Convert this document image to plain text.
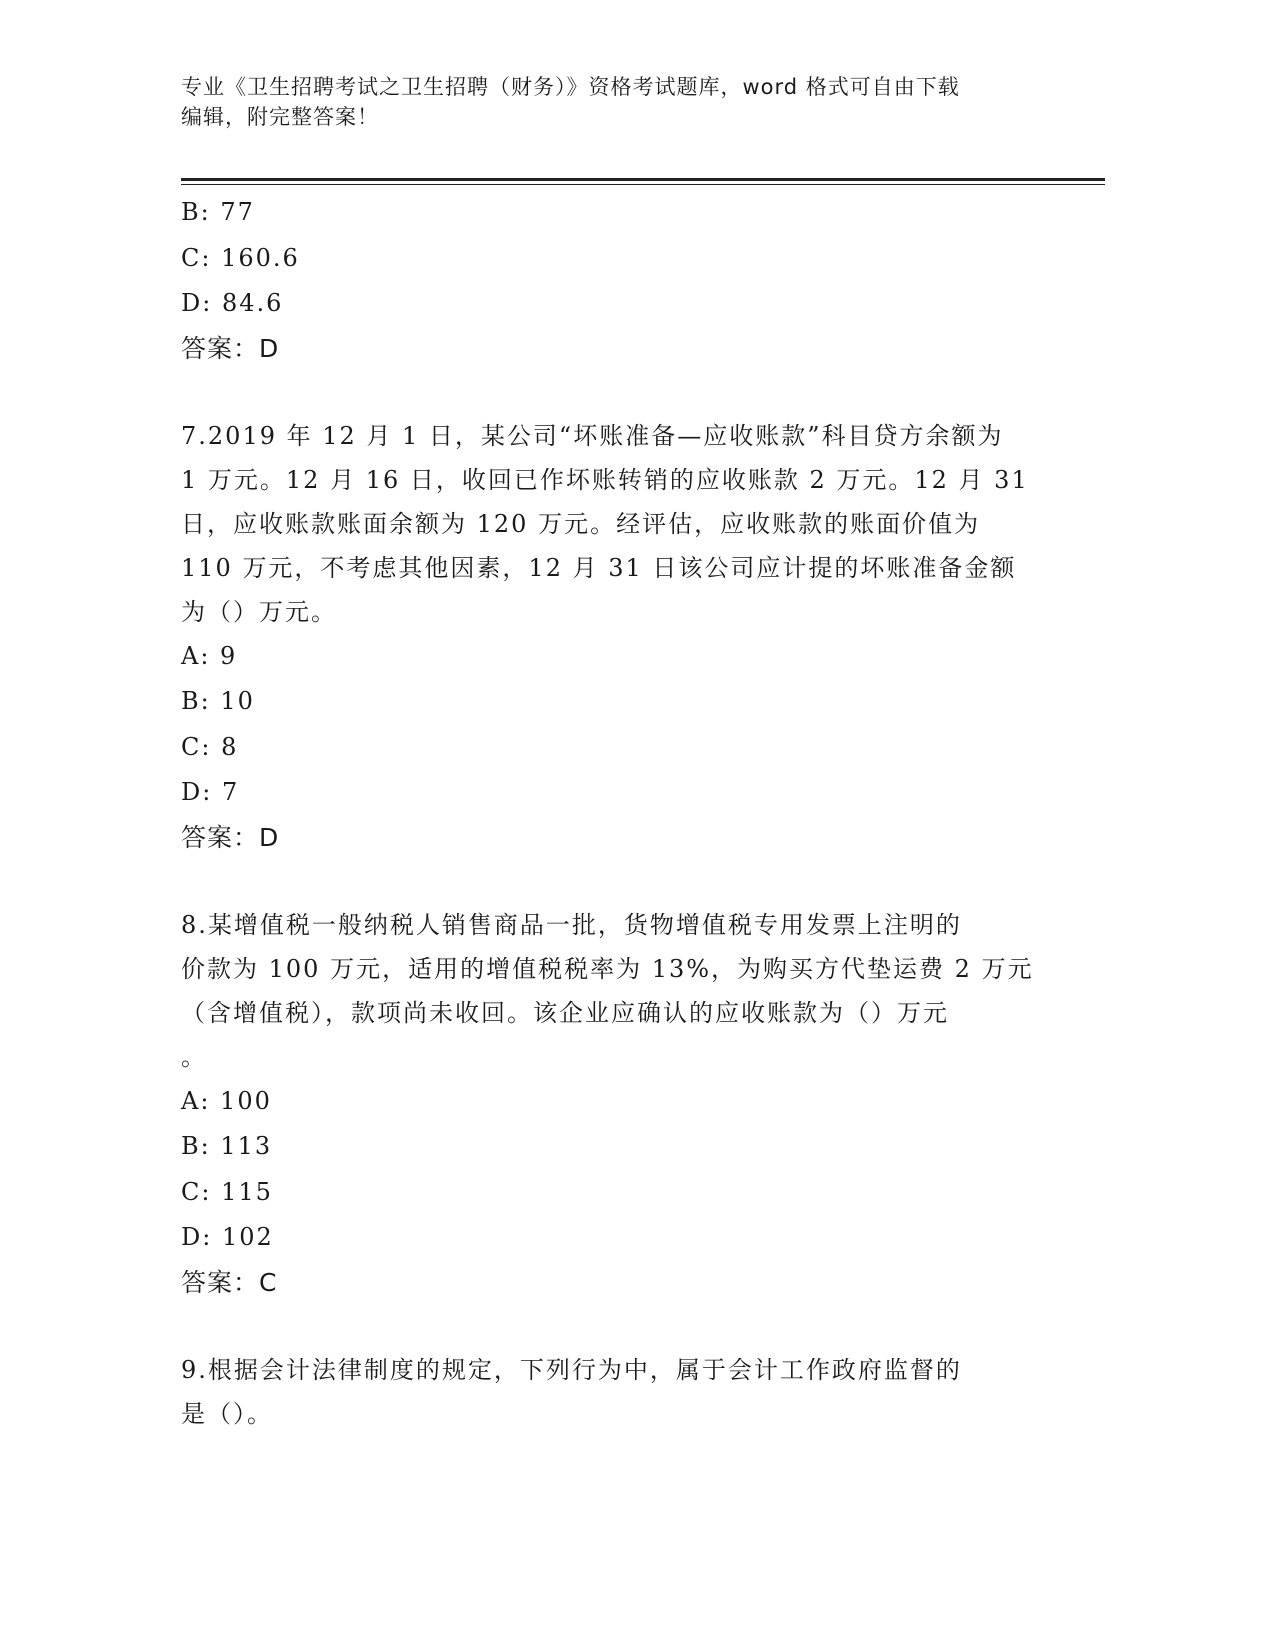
专业《卫生招聘考试之卫生招聘（财务）》资格考试题库，word 格式可自由下载
编辑，附完整答案！
B: 77
C: 160.6
D: 84.6
答案：D
7.2019 年 12 月 1 日，某公司“坏账准备—应收账款”科目贷方余额为
1 万元。12 月 16 日，收回已作坏账转销的应收账款 2 万元。12 月 31
日，应收账款账面余额为 120 万元。经评估，应收账款的账面价值为
110 万元，不考虑其他因素，12 月 31 日该公司应计提的坏账准备金额
为（）万元。
A: 9
B: 10
C: 8
D: 7
答案：D
8.某增值税一般纳税人销售商品一批，货物增值税专用发票上注明的
价款为 100 万元，适用的增值税税率为 13%，为购买方代垫运费 2 万元
（含增值税），款项尚未收回。该企业应确认的应收账款为（）万元
。
A: 100
B: 113
C: 115
D: 102
答案：C
9.根据会计法律制度的规定，下列行为中，属于会计工作政府监督的
是（）。
